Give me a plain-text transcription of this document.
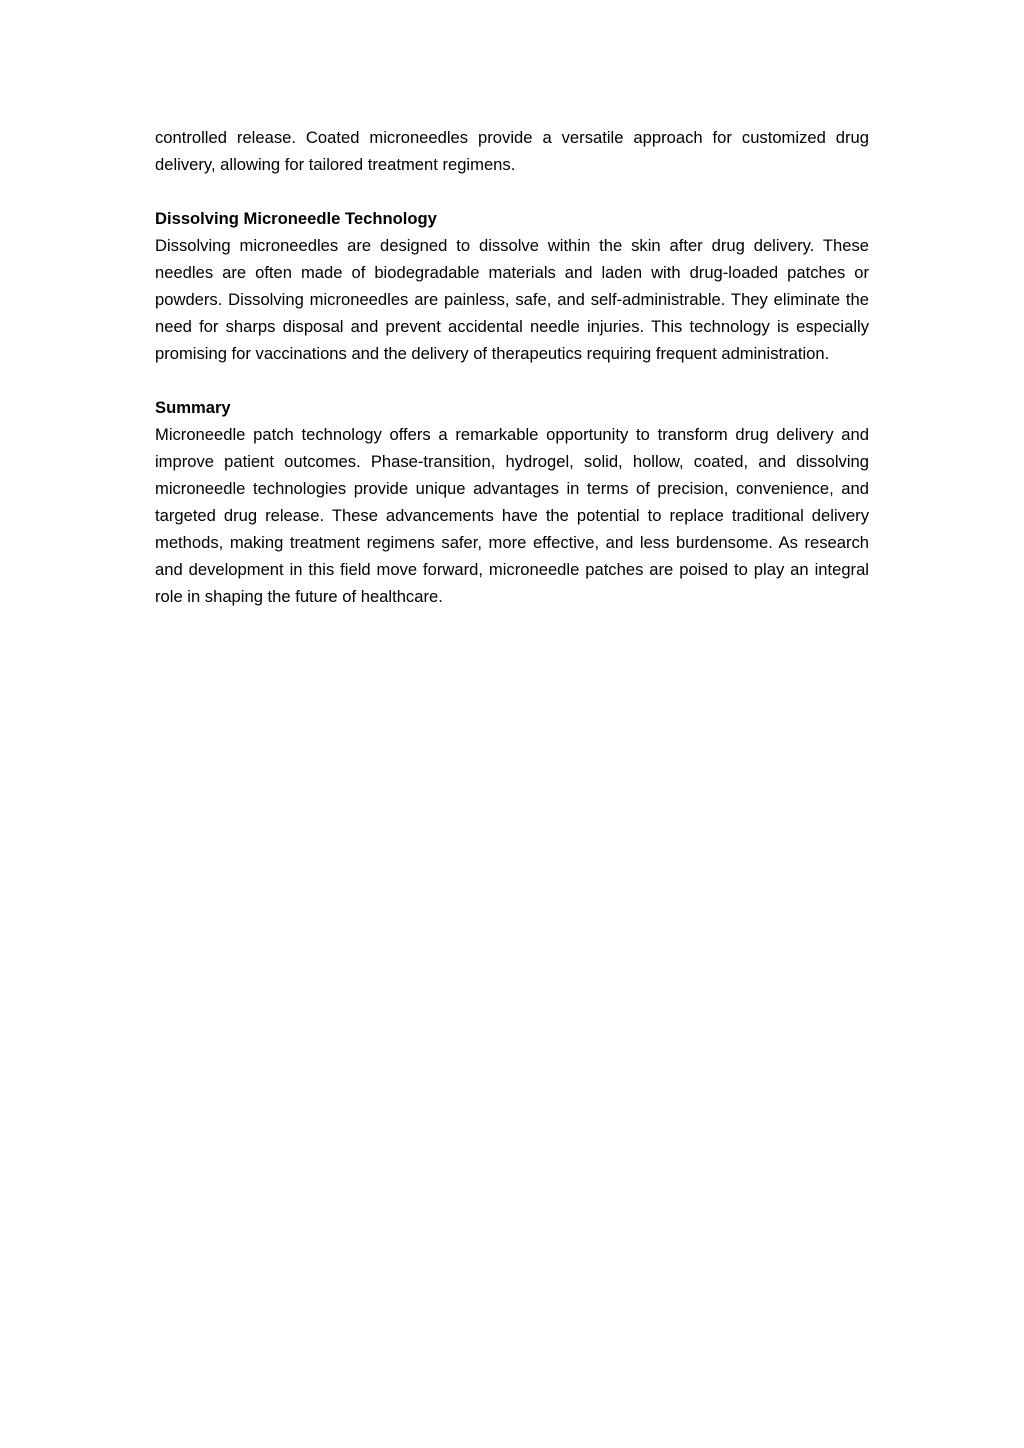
controlled release. Coated microneedles provide a versatile approach for customized drug delivery, allowing for tailored treatment regimens.

Dissolving Microneedle Technology

Dissolving microneedles are designed to dissolve within the skin after drug delivery. These needles are often made of biodegradable materials and laden with drug-loaded patches or powders. Dissolving microneedles are painless, safe, and self-administrable. They eliminate the need for sharps disposal and prevent accidental needle injuries. This technology is especially promising for vaccinations and the delivery of therapeutics requiring frequent administration.

Summary

Microneedle patch technology offers a remarkable opportunity to transform drug delivery and improve patient outcomes. Phase-transition, hydrogel, solid, hollow, coated, and dissolving microneedle technologies provide unique advantages in terms of precision, convenience, and targeted drug release. These advancements have the potential to replace traditional delivery methods, making treatment regimens safer, more effective, and less burdensome. As research and development in this field move forward, microneedle patches are poised to play an integral role in shaping the future of healthcare.
